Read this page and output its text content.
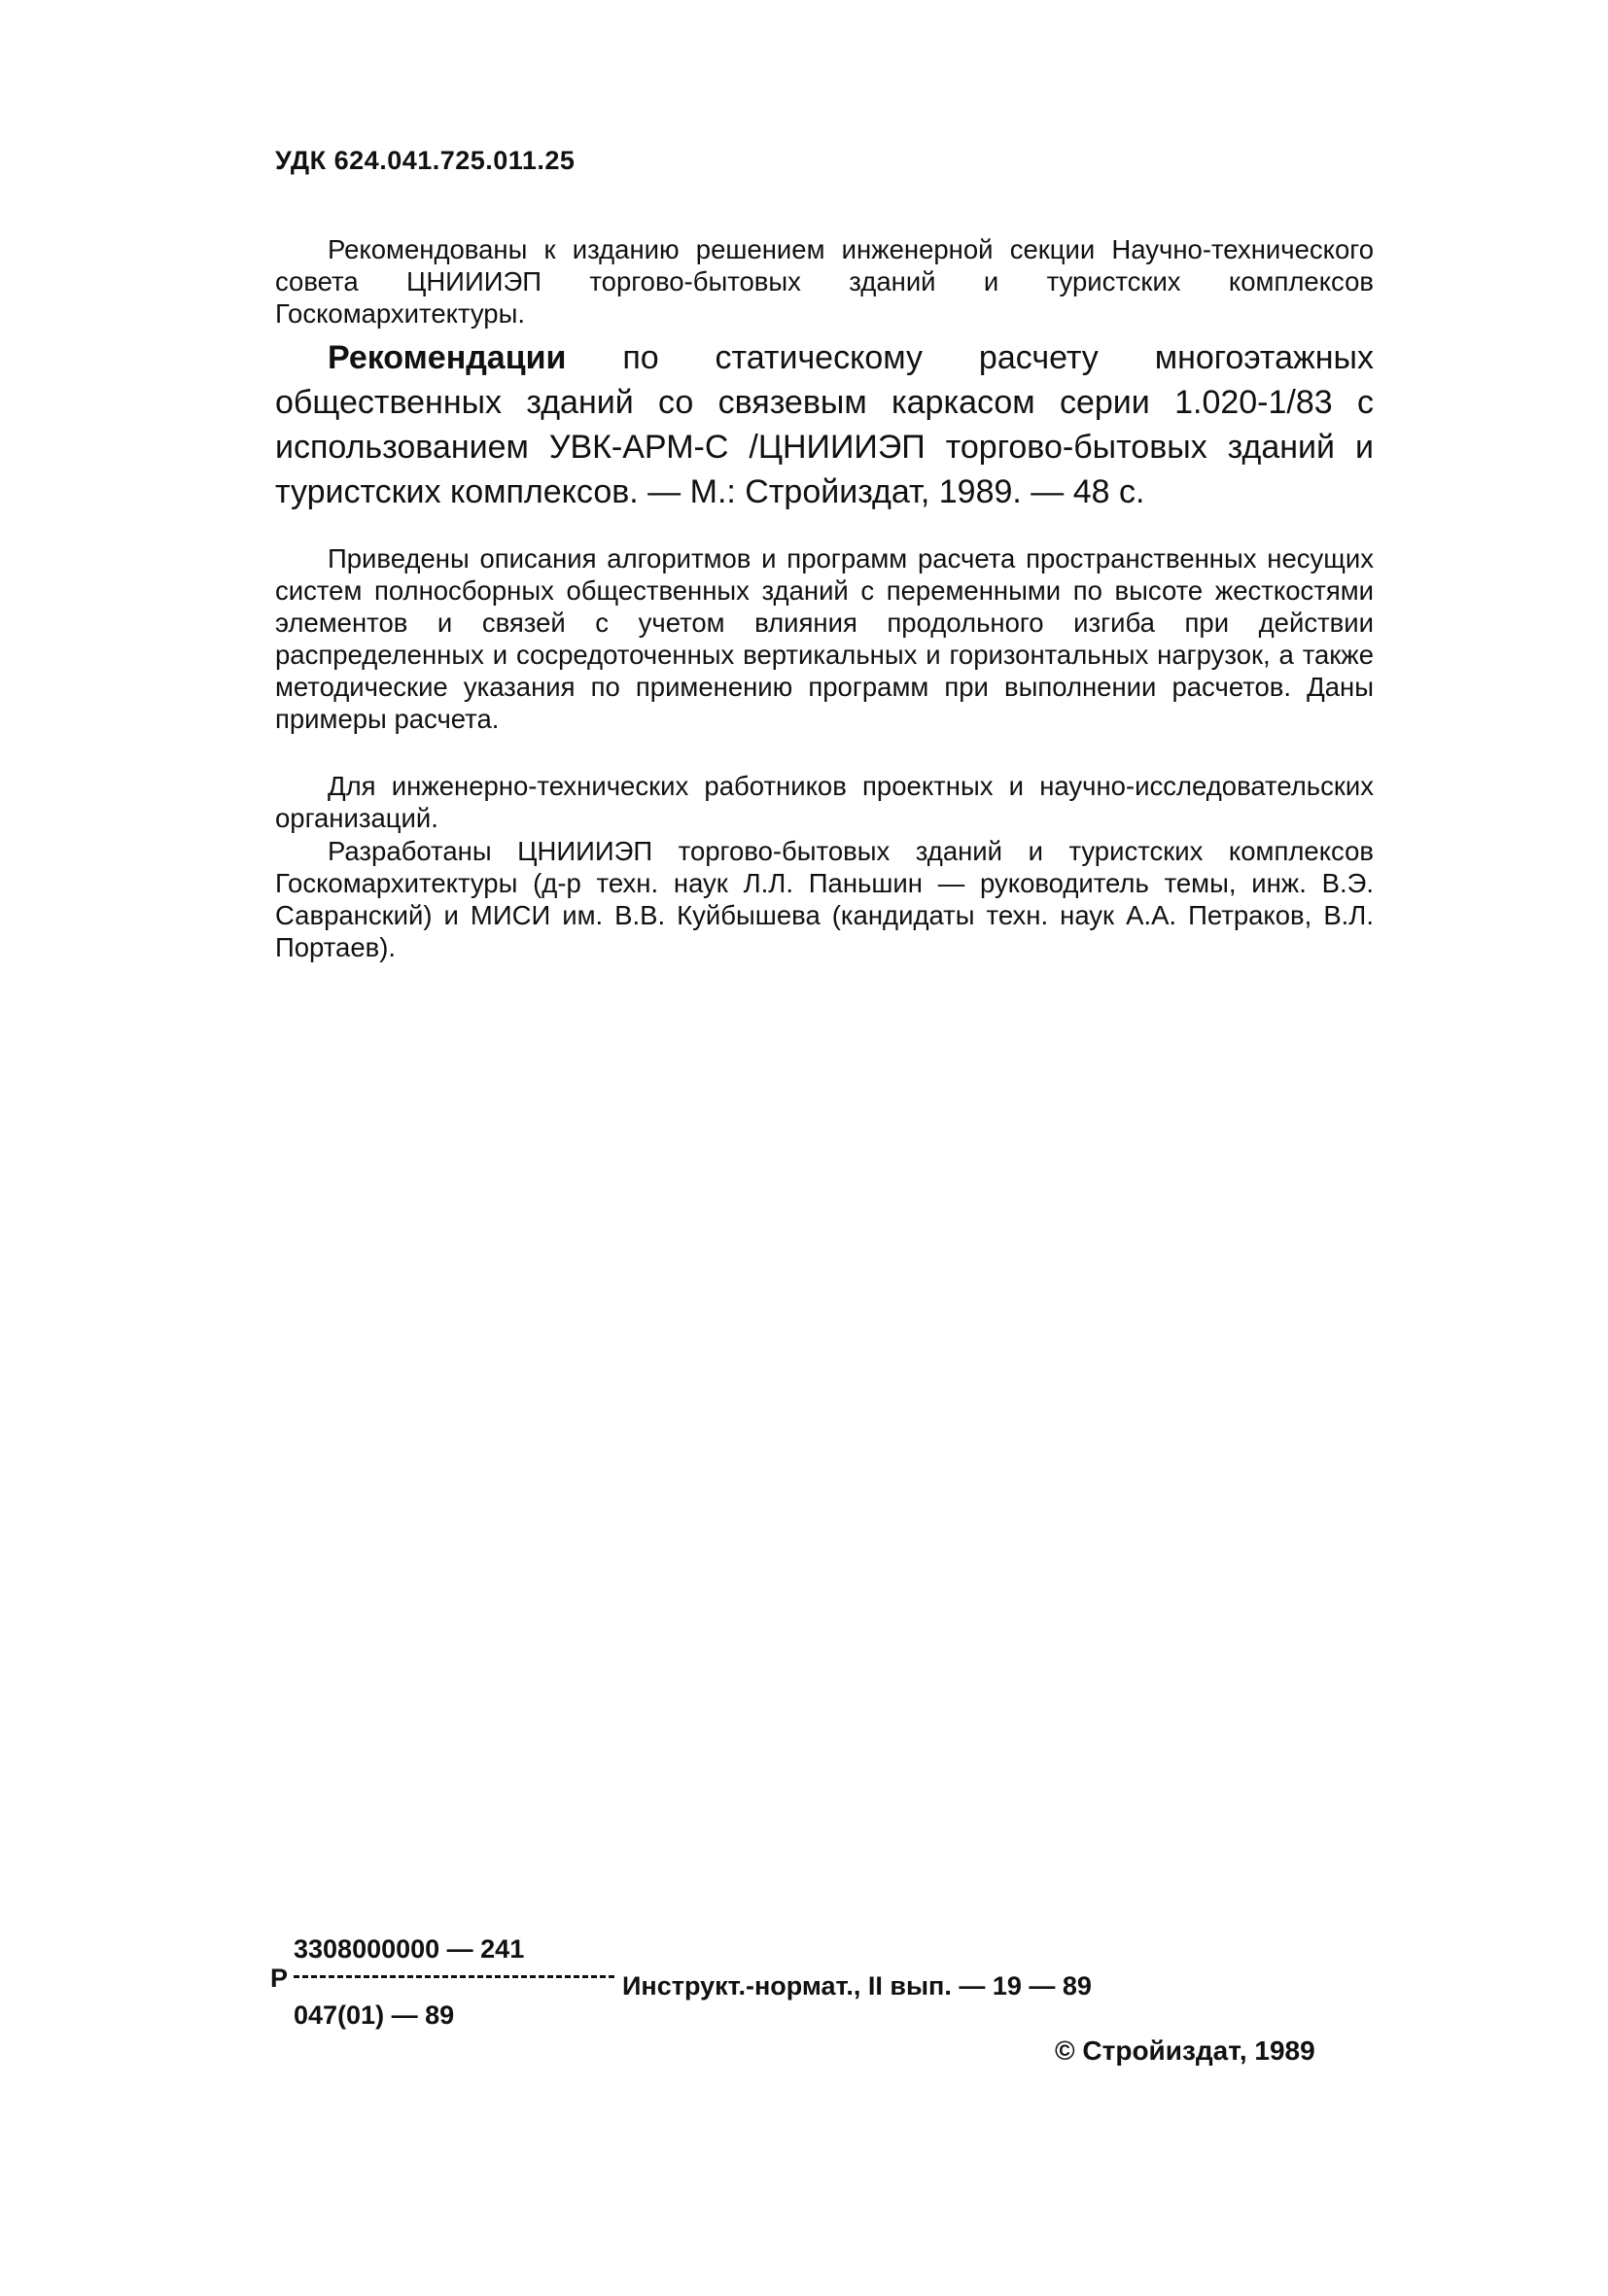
УДК 624.041.725.011.25

Рекомендованы к изданию решением инженерной секции Научно-технического совета ЦНИИИЭП торгово-бытовых зданий и туристских комплексов Госкомархитектуры.

Рекомендации по статическому расчету многоэтажных общественных зданий со связевым каркасом серии 1.020-1/83 с использованием УВК-АРМ-С /ЦНИИИЭП торгово-бытовых зданий и туристских комплексов. — М.: Стройиздат, 1989. — 48 с.

Приведены описания алгоритмов и программ расчета пространственных несущих систем полносборных общественных зданий с переменными по высоте жесткостями элементов и связей с учетом влияния продольного изгиба при действии распределенных и сосредоточенных вертикальных и горизонтальных нагрузок, а также методические указания по применению программ при выполнении расчетов. Даны примеры расчета.

Для инженерно-технических работников проектных и научно-исследовательских организаций.

Разработаны ЦНИИИЭП торгово-бытовых зданий и туристских комплексов Госкомархитектуры (д-р техн. наук Л.Л. Паньшин — руководитель темы, инж. В.Э. Савранский) и МИСИ им. В.В. Куйбышева (кандидаты техн. наук А.А. Петраков, В.Л. Портаев).

Р
3308000000 — 241
047(01) — 89
Инструкт.-нормат., II вып. — 19 — 89
© Стройиздат, 1989
